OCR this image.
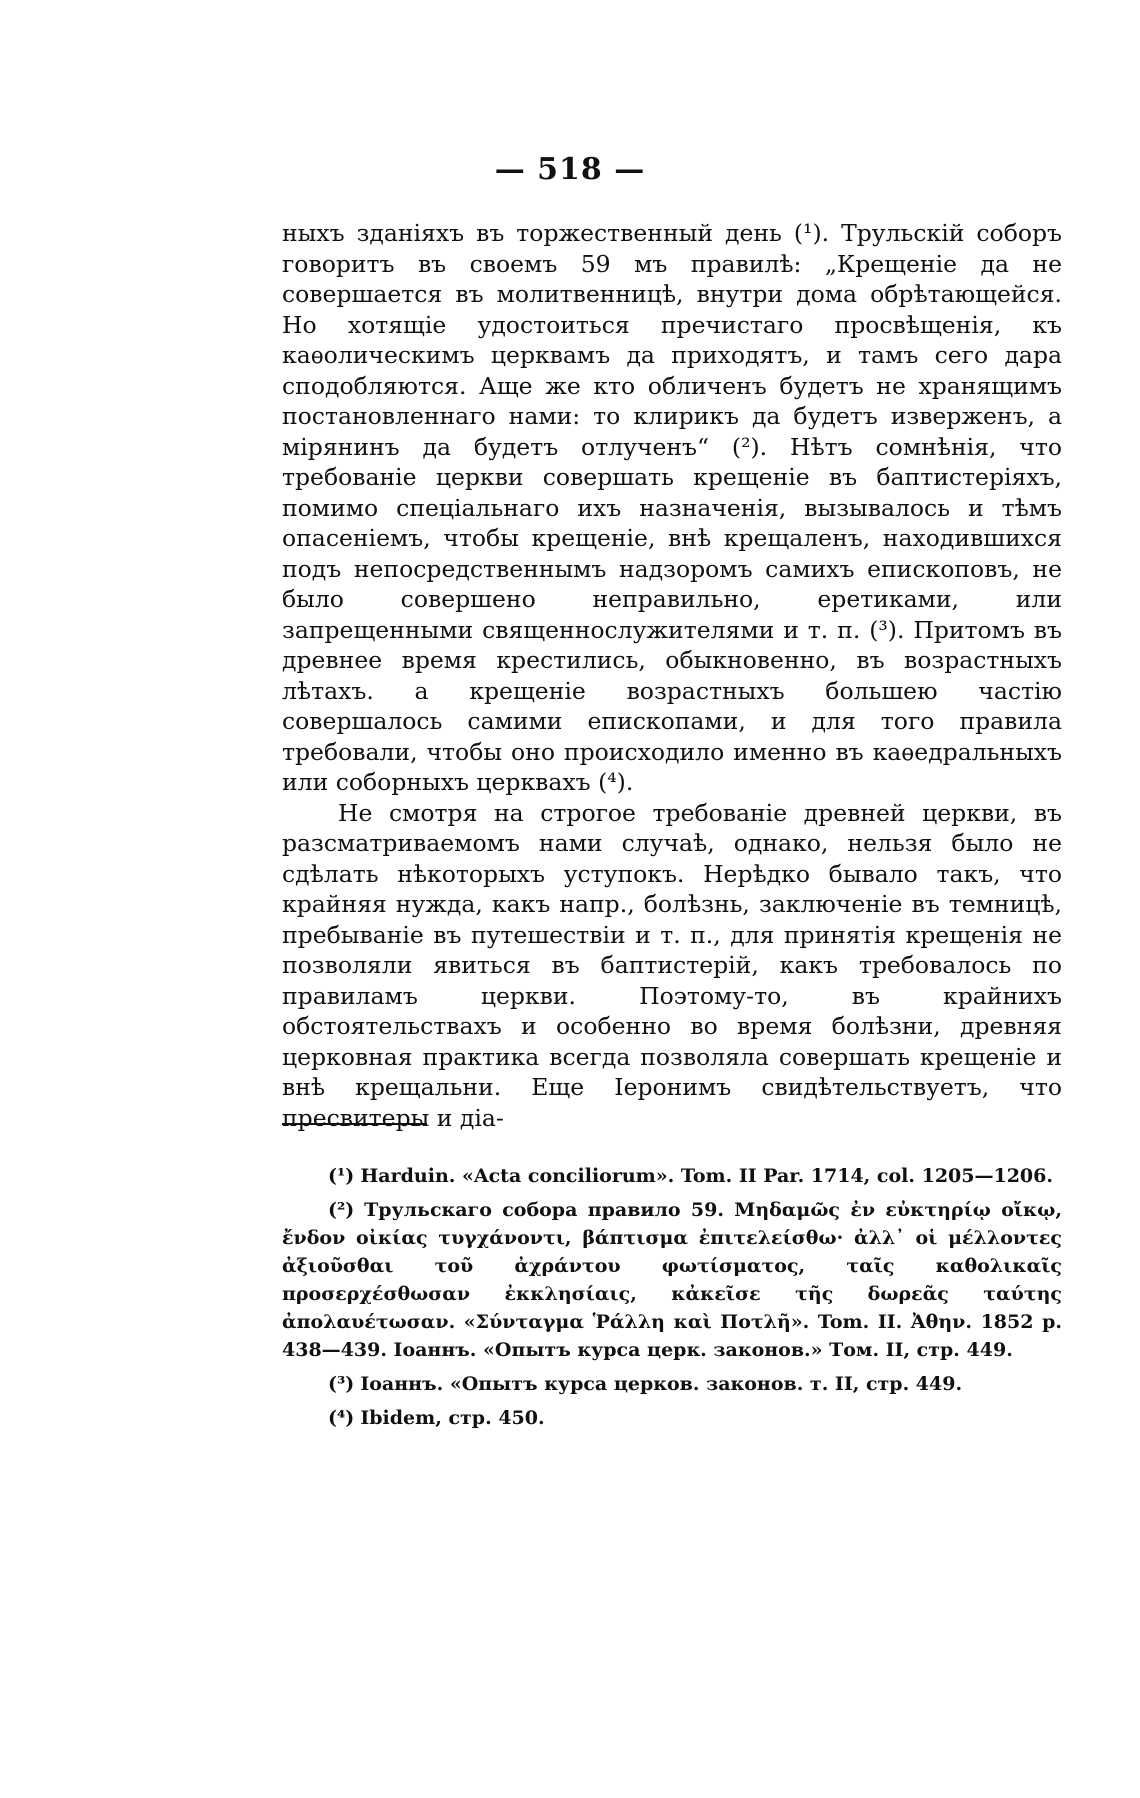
— 518 —

ныхъ зданіяхъ въ торжественный день (¹). Трульскій соборъ говоритъ въ своемъ 59 мъ правилѣ: „Крещеніе да не совершается въ молитвенницѣ, внутри дома обрѣтающейся. Но хотящіе удостоиться пречистаго просвѣщенія, къ каѳолическимъ церквамъ да приходятъ, и тамъ сего дара сподобляются. Аще же кто обличенъ будетъ не хранящимъ постановленнаго нами: то клирикъ да будетъ изверженъ, а мірянинъ да будетъ отлученъ“ (²). Нѣтъ сомнѣнія, что требованіе церкви совершать крещеніе въ баптистеріяхъ, помимо спеціальнаго ихъ назначенія, вызывалось и тѣмъ опасеніемъ, чтобы крещеніе, внѣ крещаленъ, находившихся подъ непосредственнымъ надзоромъ самихъ епископовъ, не было совершено неправильно, еретиками, или запрещенными священнослужителями и т. п. (³). Притомъ въ древнее время крестились, обыкновенно, въ возрастныхъ лѣтахъ. а крещеніе возрастныхъ большею частію совершалось самими епископами, и для того правила требовали, чтобы оно происходило именно въ каѳедральныхъ или соборныхъ церквахъ (⁴).

Не смотря на строгое требованіе древней церкви, въ разсматриваемомъ нами случаѣ, однако, нельзя было не сдѣлать нѣкоторыхъ уступокъ. Нерѣдко бывало такъ, что крайняя нужда, какъ напр., болѣзнь, заключеніе въ темницѣ, пребываніе въ путешествіи и т. п., для принятія крещенія не позволяли явиться въ баптистерій, какъ требовалось по правиламъ церкви. Поэтому-то, въ крайнихъ обстоятельствахъ и особенно во время болѣзни, древняя церковная практика всегда позволяла совершать крещеніе и внѣ крещальни. Еще Іеронимъ свидѣтельствуетъ, что пресвитеры и діа-

(¹) Harduin. «Acta conciliorum». Tom. II Par. 1714, col. 1205—1206.

(²) Трульскаго собора правило 59. Μηδαμῶς ἐν εὐκτηρίῳ οἴκῳ, ἔνδον οἰκίας τυγχάνοντι, βάπτισμα ἐπιτελείσθω· ἀλλ᾽ οἱ μέλλοντες ἀξιοῦσθαι τοῦ ἀχράντου φωτίσματος, ταῖς καθολικαῖς προσερχέσθωσαν ἐκκλησίαις, κἀκεῖσε τῆς δωρεᾶς ταύτης ἀπολαυέτωσαν. «Σύνταγμα Ῥάλλη καὶ Ποτλῆ». Tom. II. Ἀθην. 1852 p. 438—439. Іоаннъ. «Опытъ курса церк. законов.» Том. II, стр. 449.

(³) Іоаннъ. «Опытъ курса церков. законов. т. II, стр. 449.

(⁴) Ibidem, стр. 450.
